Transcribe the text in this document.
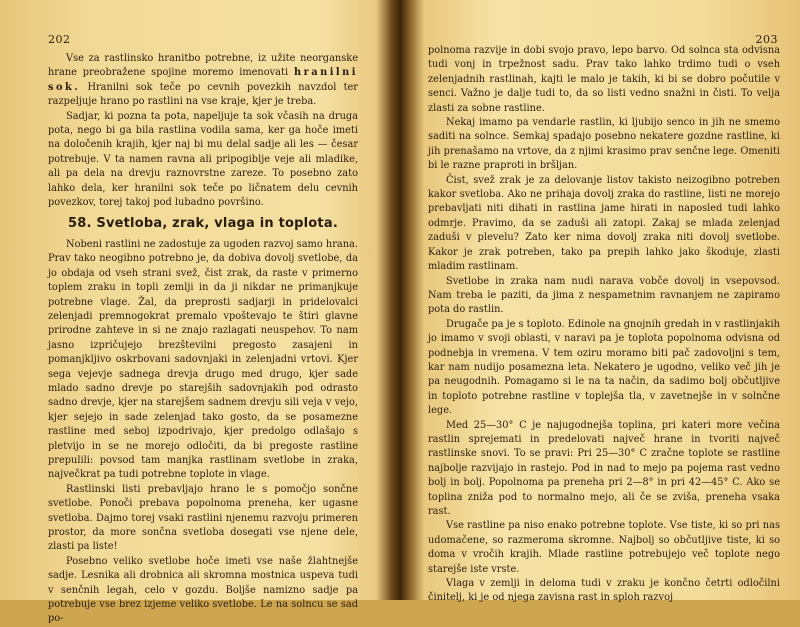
202

Vse za rastlinsko hranitbo potrebne, iz užite neorganske hrane preobražene spojine moremo imenovati hranilni sok. Hranilni sok teče po cevnih povezkih navzdol ter razpeljuje hrano po rastlini na vse kraje, kjer je treba.

Sadjar, ki pozna ta pota, napeljuje ta sok včasih na druga pota, nego bi ga bila rastlina vodila sama, ker ga hoče imeti na določenih krajih, kjer naj bi mu delal sadje ali les — česar potrebuje. V ta namen ravna ali pripogiblje veje ali mladike, ali pa dela na drevju raznovrstne zareze. To posebno zato lahko dela, ker hranilni sok teče po ličnatem delu cevnih povezkov, torej takoj pod lubadno površino.

58. Svetloba, zrak, vlaga in toplota.

Nobeni rastlini ne zadostuje za ugoden razvoj samo hrana. Prav tako neogibno potrebno je, da dobiva dovolj svetlobe, da jo obdaja od vseh strani svež, čist zrak, da raste v primerno toplem zraku in topli zemlji in da ji nikdar ne primanjkuje potrebne vlage. Žal, da preprosti sadjarji in pridelovalci zelenjadi premnogokrat premalo vpoštevajo te štiri glavne prirodne zahteve in si ne znajo razlagati neuspehov. To nam jasno izpričujejo brezštevilni pregosto zasajeni in pomanjkljivo oskrbovani sadovnjaki in zelenjadni vrtovi. Kjer sega vejevje sadnega drevja drugo med drugo, kjer sade mlado sadno drevje po starejših sadovnjakih pod odrasto sadno drevje, kjer na starejšem sadnem drevju sili veja v vejo, kjer sejejo in sade zelenjad tako gosto, da se posamezne rastline med seboj izpodrivajo, kjer predolgo odlašajo s pletvijo in se ne morejo odločiti, da bi pregoste rastline prepulili: povsod tam manjka rastlinam svetlobe in zraka, največkrat pa tudi potrebne toplote in vlage.

Rastlinski listi prebavljajo hrano le s pomočjo sončne svetlobe. Ponoči prebava popolnoma preneha, ker ugasne svetloba. Dajmo torej vsaki rastlini njenemu razvoju primeren prostor, da more sončna svetloba dosegati vse njene dele, zlasti pa liste!

Posebno veliko svetlobe hoče imeti vse naše žlahtnejše sadje. Lesnika ali drobnica ali skromna mostnica uspeva tudi v senčnih legah, celo v gozdu. Boljše namizno sadje pa potrebuje vse brez izjeme veliko svetlobe. Le na solncu se sad po-

203

polnoma razvije in dobi svojo pravo, lepo barvo. Od solnca sta odvisna tudi vonj in trpežnost sadu. Prav tako lahko trdimo tudi o vseh zelenjadnih rastlinah, kajti le malo je takih, ki bi se dobro počutile v senci. Važno je dalje tudi to, da so listi vedno snažni in čisti. To velja zlasti za sobne rastline.

Nekaj imamo pa vendarle rastlin, ki ljubijo senco in jih ne smemo saditi na solnce. Semkaj spadajo posebno nekatere gozdne rastline, ki jih prenašamo na vrtove, da z njimi krasimo prav senčne lege. Omeniti bi le razne praproti in bršljan.

Čist, svež zrak je za delovanje listov takisto neizogibno potreben kakor svetloba. Ako ne prihaja dovolj zraka do rastline, listi ne morejo prebavljati niti dihati in rastlina jame hirati in naposled tudi lahko odmrje. Pravimo, da se zaduši ali zatopi. Zakaj se mlada zelenjad zaduši v plevelu? Zato ker nima dovolj zraka niti dovolj svetlobe. Kakor je zrak potreben, tako pa prepih lahko jako škoduje, zlasti mladim rastlinam.

Svetlobe in zraka nam nudi narava vobče dovolj in vsepovsod. Nam treba le paziti, da jima z nespametnim ravnanjem ne zapiramo pota do rastlin.

Drugače pa je s toploto. Edinole na gnojnih gredah in v rastlinjakih jo imamo v svoji oblasti, v naravi pa je toplota popolnoma odvisna od podnebja in vremena. V tem oziru moramo biti pač zadovoljni s tem, kar nam nudijo posamezna leta. Nekatero je ugodno, veliko več jih je pa neugodnih. Pomagamo si le na ta način, da sadimo bolj občutljive in toploto potrebne rastline v toplejša tla, v zavetnejše in v solnčne lege.

Med 25—30° C je najugodnejša toplina, pri kateri more večina rastlin sprejemati in predelovati največ hrane in tvoriti največ rastlinske snovi. To se pravi: Pri 25—30° C zračne toplotе se rastline najbolje razvijajo in rastejo. Pod in nad to mejo pa pojema rast vedno bolj in bolj. Popolnoma pa prenеha pri 2—8° in pri 42—45° C. Ako se toplina zniža pod to normalno mejo, ali če se zviša, preneha vsaka rast.

Vse rastline pa niso enako potrebne toplote. Vse tiste, ki so pri nas udomačene, so razmeroma skromne. Najbolj so občutljive tiste, ki so doma v vročih krajih. Mlade rastline potrebujejo več toplote nego starejše iste vrste.

Vlaga v zemlji in deloma tudi v zraku je končno četrti odločilni činitelj, ki je od njega zavisna rast in sploh razvoj
